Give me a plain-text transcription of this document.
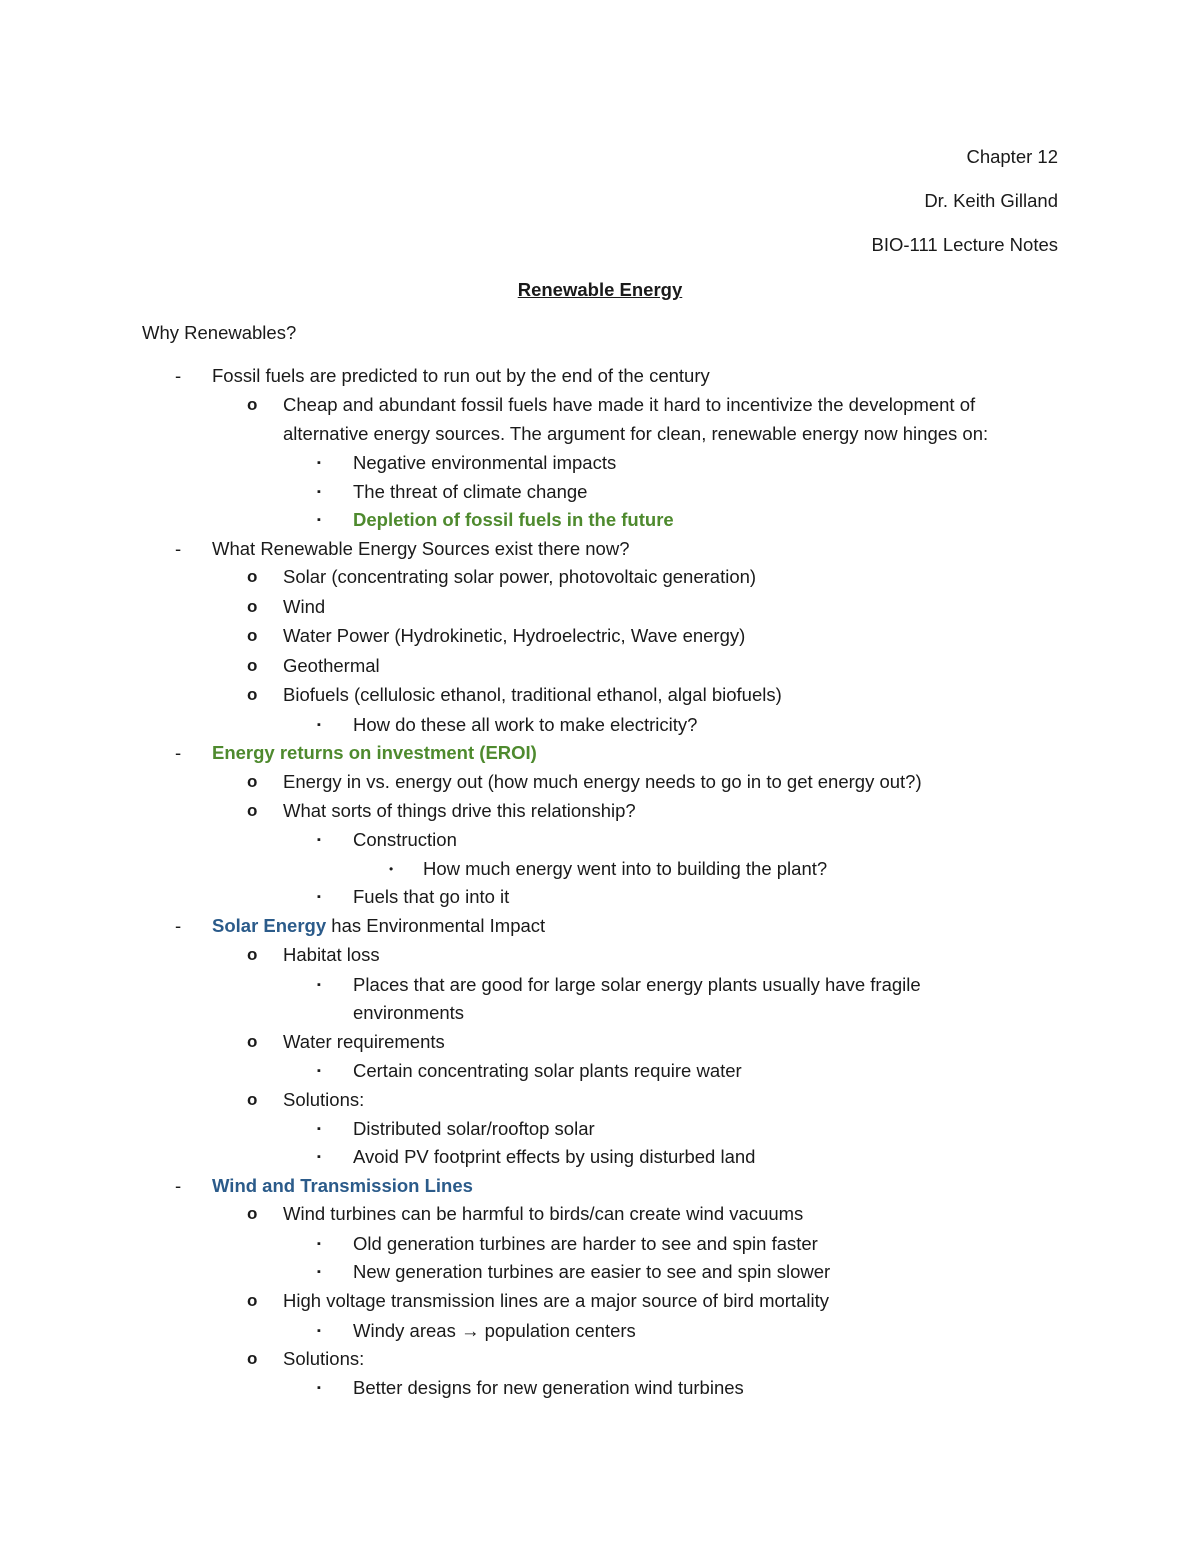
Chapter 12
Dr. Keith Gilland
BIO-111 Lecture Notes
Renewable Energy
Why Renewables?
- Fossil fuels are predicted to run out by the end of the century
o Cheap and abundant fossil fuels have made it hard to incentivize the development of
alternative energy sources. The argument for clean, renewable energy now hinges on:
▪ Negative environmental impacts
▪ The threat of climate change
▪ Depletion of fossil fuels in the future
- What Renewable Energy Sources exist there now?
o Solar (concentrating solar power, photovoltaic generation)
o Wind
o Water Power (Hydrokinetic, Hydroelectric, Wave energy)
o Geothermal
o Biofuels (cellulosic ethanol, traditional ethanol, algal biofuels)
▪ How do these all work to make electricity?
- Energy returns on investment (EROI)
o Energy in vs. energy out (how much energy needs to go in to get energy out?)
o What sorts of things drive this relationship?
▪ Construction
• How much energy went into to building the plant?
▪ Fuels that go into it
- Solar Energy has Environmental Impact
o Habitat loss
▪ Places that are good for large solar energy plants usually have fragile
environments
o Water requirements
▪ Certain concentrating solar plants require water
o Solutions:
▪ Distributed solar/rooftop solar
▪ Avoid PV footprint effects by using disturbed land
- Wind and Transmission Lines
o Wind turbines can be harmful to birds/can create wind vacuums
▪ Old generation turbines are harder to see and spin faster
▪ New generation turbines are easier to see and spin slower
o High voltage transmission lines are a major source of bird mortality
▪ Windy areas → population centers
o Solutions:
▪ Better designs for new generation wind turbines
